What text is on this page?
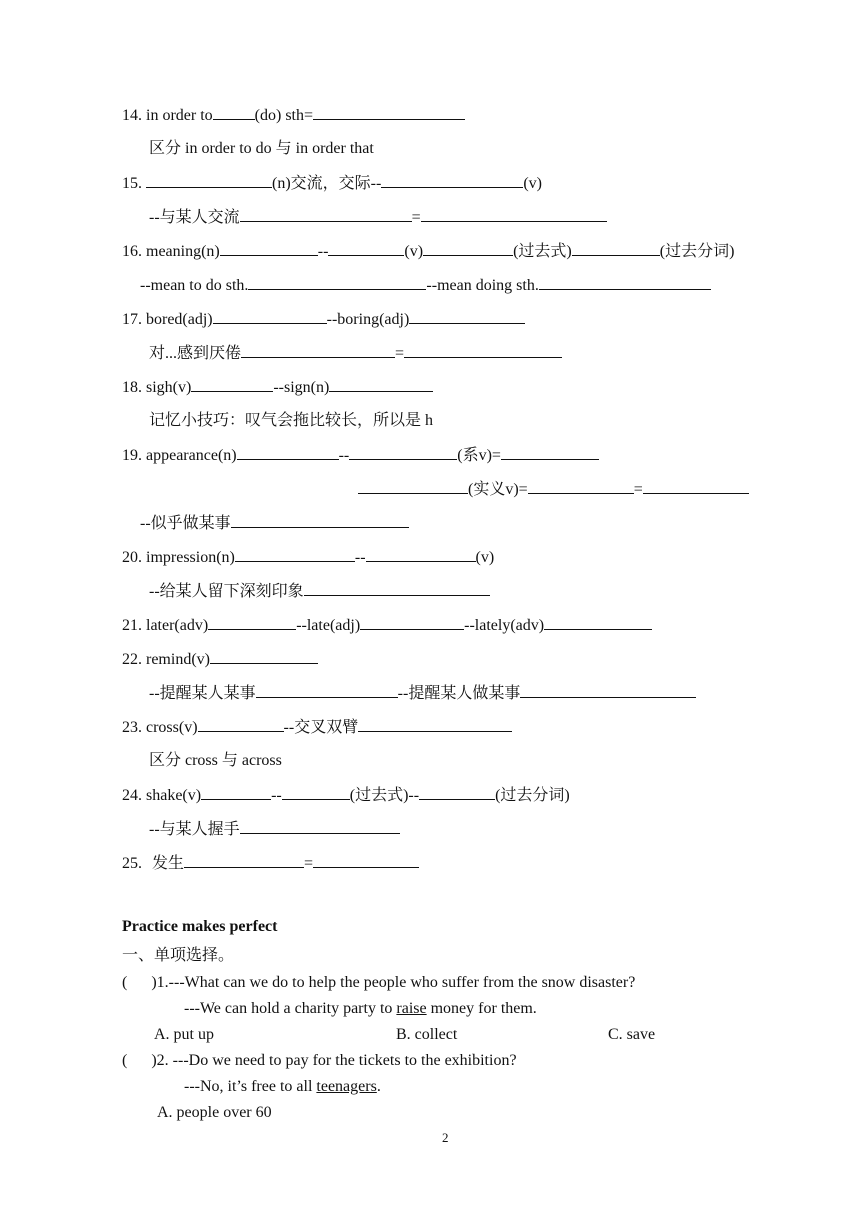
14. in order to	(do) sth=
区分 in order to do 与 in order that
15.	(n)交流，交际--	(v)
--与某人交流	=
16. meaning(n)	--	(v)	(过去式)	(过去分词)
--mean to do sth.	--mean doing sth.
17. bored(adj)	--boring(adj)
对...感到厌倦	=
18. sigh(v)	--sign(n)
记忆小技巧：叹气会拖比较长，所以是 h
19. appearance(n)	--	(系v)=
(实义v)=	=
--似乎做某事
20. impression(n)	--	(v)
--给某人留下深刻印象
21. later(adv)	--late(adj)	--lately(adv)
22. remind(v)
--提醒某人某事	--提醒某人做某事
23. cross(v)	--交叉双臂
区分 cross 与 across
24. shake(v)	--	(过去式)--	(过去分词)
--与某人握手
25. 发生	=
Practice makes perfect
一、单项选择。
(      )1.---What can we do to help the people who suffer from the snow disaster?
---We can hold a charity party to raise money for them.
A. put up	B. collect	C. save
(      )2. ---Do we need to pay for the tickets to the exhibition?
---No, it’s free to all teenagers.
A. people over 60
2
